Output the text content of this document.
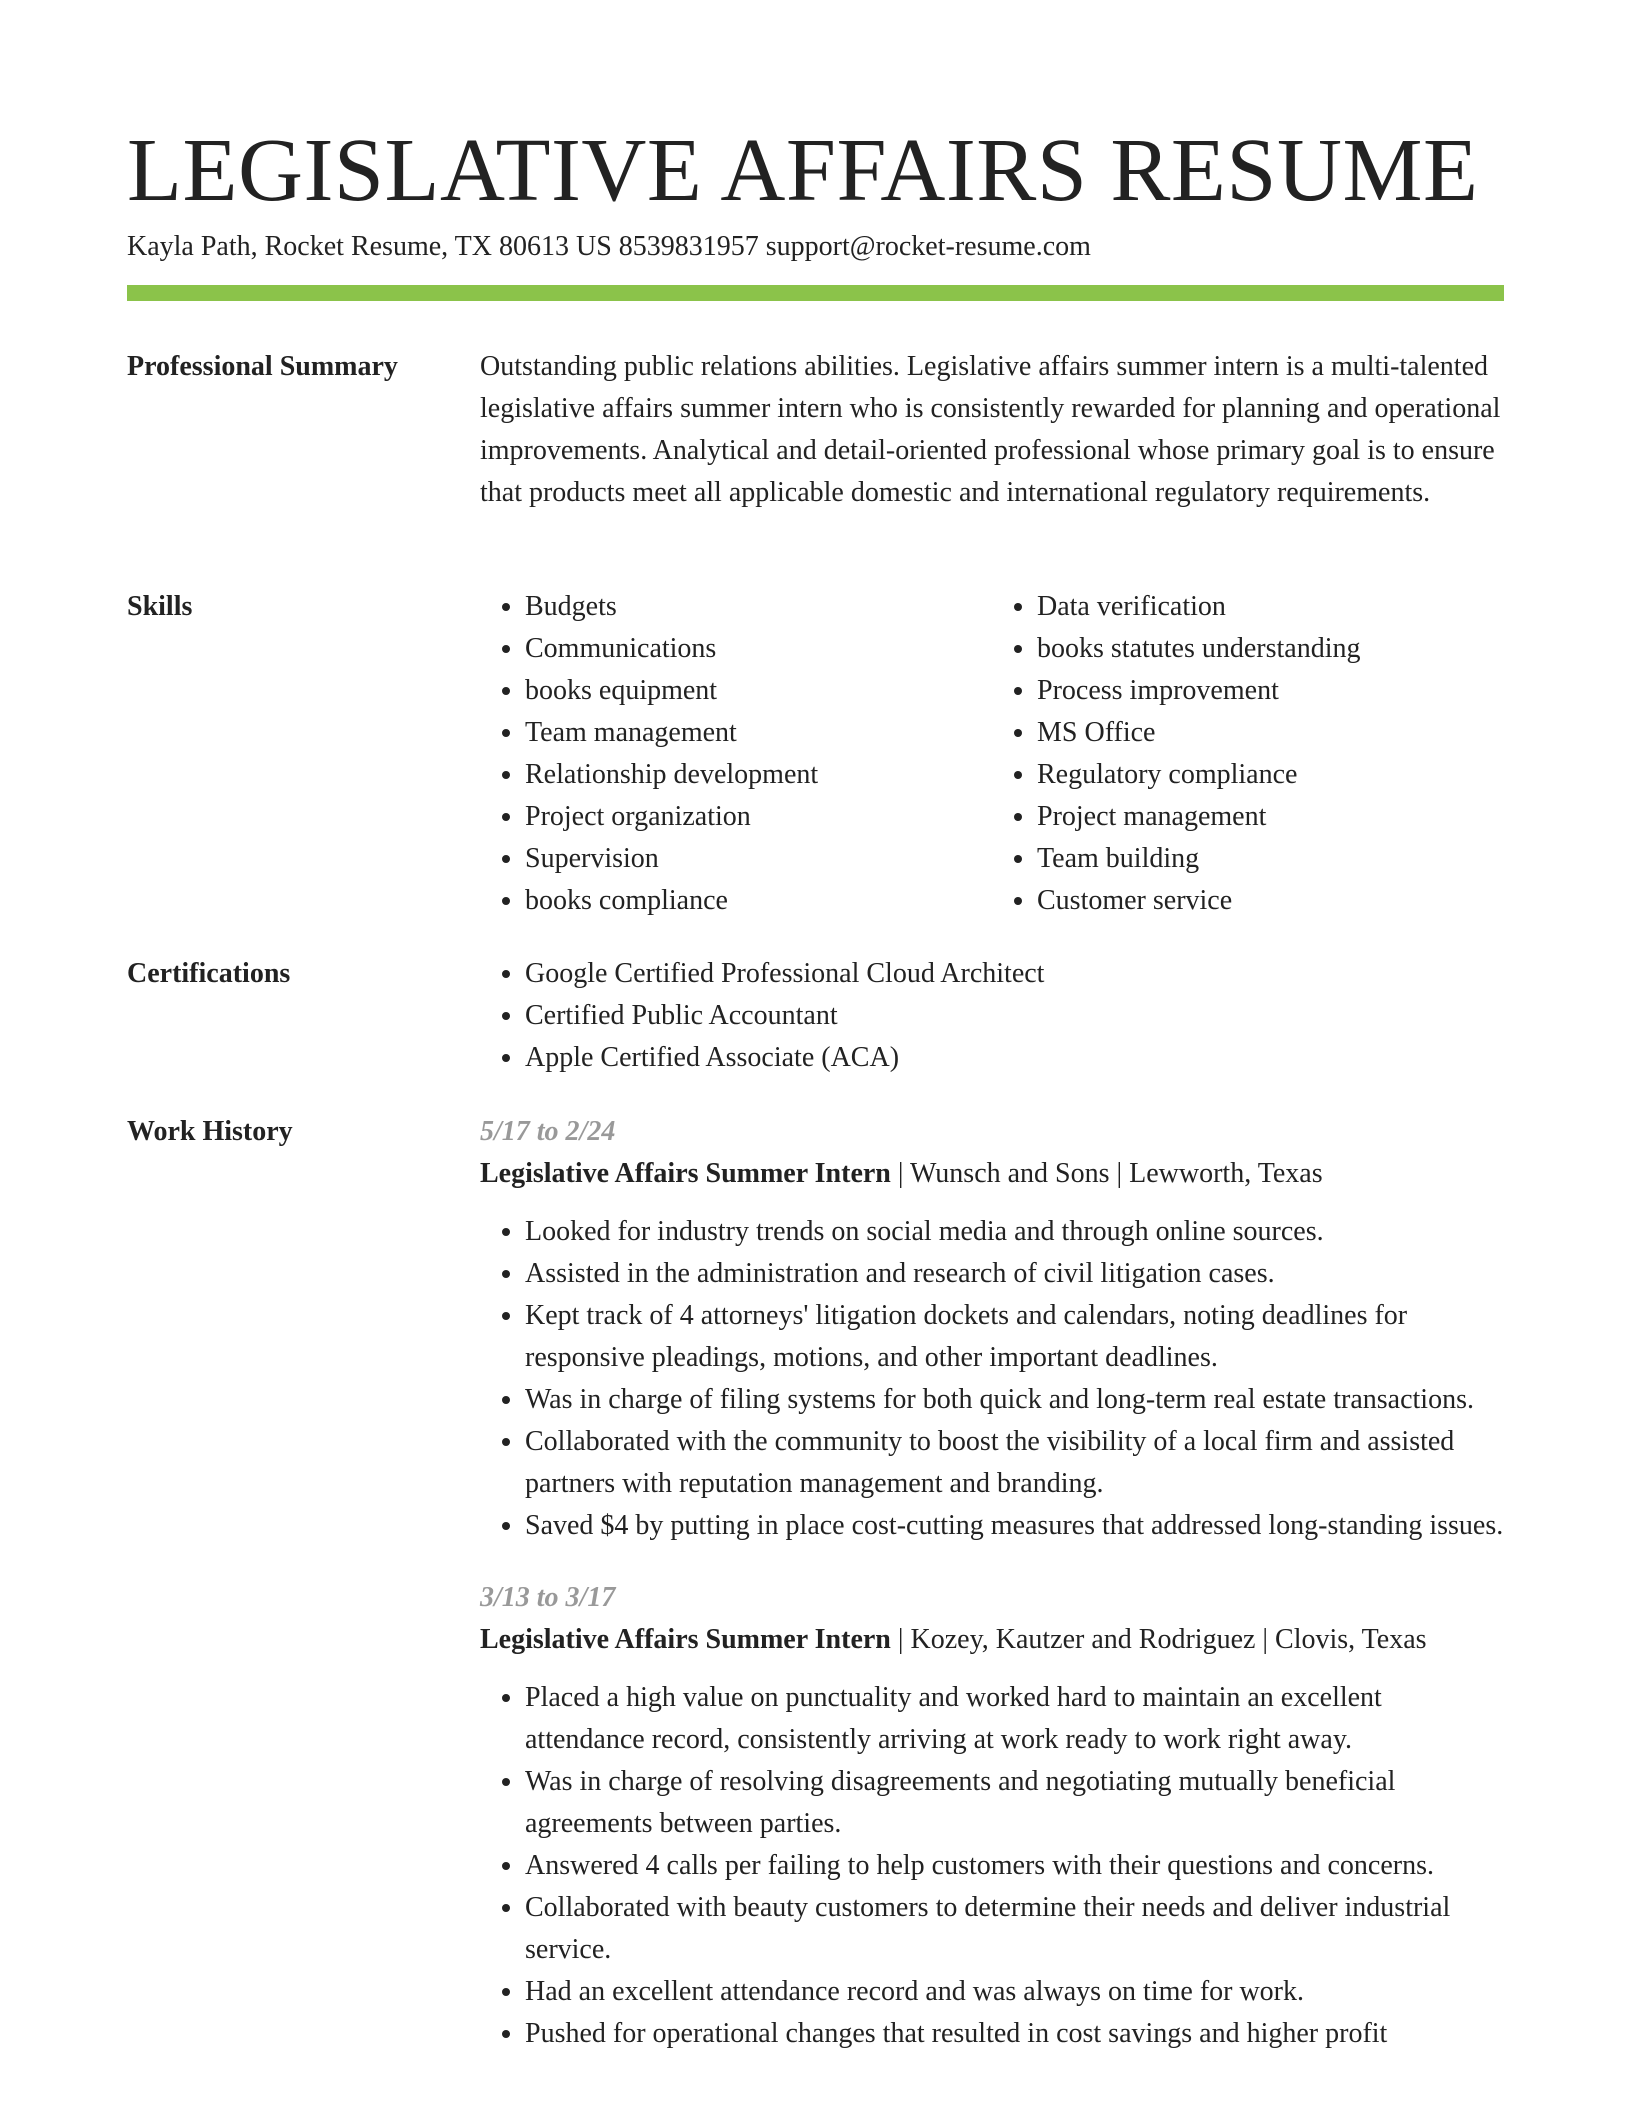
LEGISLATIVE AFFAIRS RESUME
Kayla Path, Rocket Resume, TX 80613 US 8539831957 support@rocket-resume.com
Professional Summary	Outstanding public relations abilities. Legislative affairs summer intern is a multi-talented legislative affairs summer intern who is consistently rewarded for planning and operational improvements. Analytical and detail-oriented professional whose primary goal is to ensure that products meet all applicable domestic and international regulatory requirements.

Skills	• Budgets
• Communications
• books equipment
• Team management
• Relationship development
• Project organization
• Supervision
• books compliance
• Data verification
• books statutes understanding
• Process improvement
• MS Office
• Regulatory compliance
• Project management
• Team building
• Customer service
Certifications	• Google Certified Professional Cloud Architect
• Certified Public Accountant
• Apple Certified Associate (ACA)
Work History	5/17 to 2/24

Legislative Affairs Summer Intern | Wunsch and Sons | Lewworth, Texas

• Looked for industry trends on social media and through online sources.
• Assisted in the administration and research of civil litigation cases.
• Kept track of 4 attorneys' litigation dockets and calendars, noting deadlines for responsive pleadings, motions, and other important deadlines.
• Was in charge of filing systems for both quick and long-term real estate transactions.
• Collaborated with the community to boost the visibility of a local firm and assisted partners with reputation management and branding.
• Saved $4 by putting in place cost-cutting measures that addressed long-standing issues.
3/13 to 3/17

Legislative Affairs Summer Intern | Kozey, Kautzer and Rodriguez | Clovis, Texas

• Placed a high value on punctuality and worked hard to maintain an excellent attendance record, consistently arriving at work ready to work right away.
• Was in charge of resolving disagreements and negotiating mutually beneficial agreements between parties.
• Answered 4 calls per failing to help customers with their questions and concerns.
• Collaborated with beauty customers to determine their needs and deliver industrial service.
• Had an excellent attendance record and was always on time for work.
• Pushed for operational changes that resulted in cost savings and higher profit
